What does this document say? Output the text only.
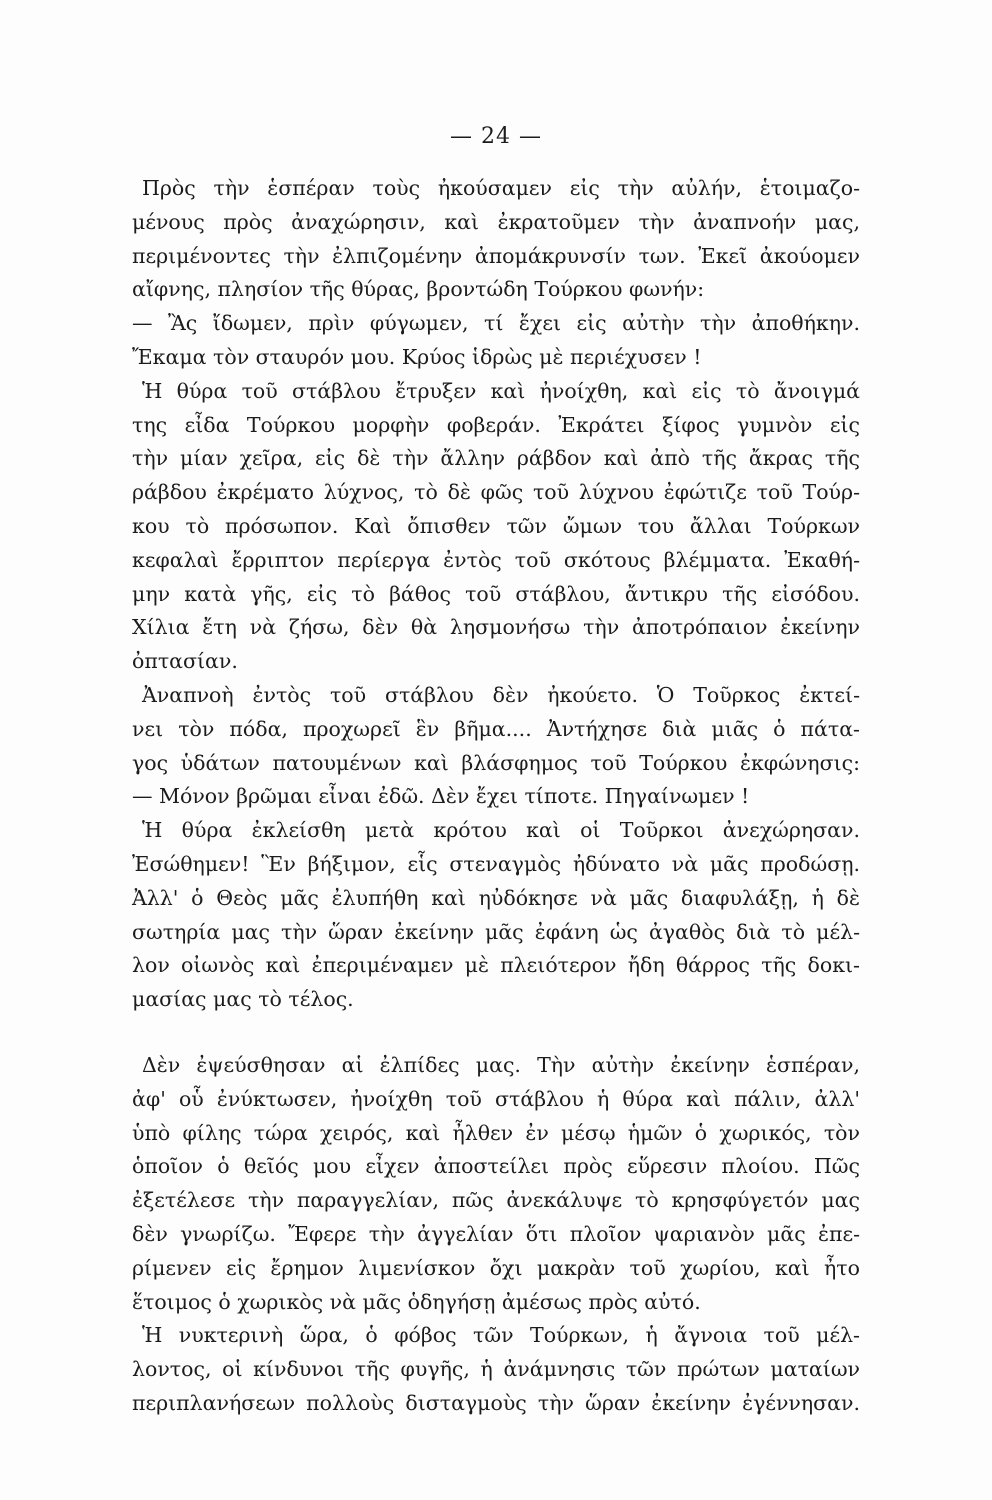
— 24 —
Πρὸς τὴν ἑσπέραν τοὺς ἠκούσαμεν εἰς τὴν αὐλήν, ἑτοιμαζο-
μένους πρὸς ἀναχώρησιν, καὶ ἐκρατοῦμεν τὴν ἀναπνοήν μας,
περιμένοντες τὴν ἐλπιζομένην ἀπομάκρυνσίν των. Ἐκεῖ ἀκούομεν
αἴφνης, πλησίον τῆς θύρας, βροντώδη Τούρκου φωνήν:
— Ἂς ἴδωμεν, πρὶν φύγωμεν, τί ἔχει εἰς αὐτὴν τὴν ἀποθήκην.
Ἔκαμα τὸν σταυρόν μου. Κρύος ἱδρὼς μὲ περιέχυσεν !
Ἡ θύρα τοῦ στάβλου ἔτρυξεν καὶ ἠνοίχθη, καὶ εἰς τὸ ἄνοιγμά
της εἶδα Τούρκου μορφὴν φοβεράν. Ἐκράτει ξίφος γυμνὸν εἰς
τὴν μίαν χεῖρα, εἰς δὲ τὴν ἄλλην ράβδον καὶ ἀπὸ τῆς ἄκρας τῆς
ράβδου ἐκρέματο λύχνος, τὸ δὲ φῶς τοῦ λύχνου ἐφώτιζε τοῦ Τούρ-
κου τὸ πρόσωπον. Καὶ ὄπισθεν τῶν ὤμων του ἄλλαι Τούρκων
κεφαλαὶ ἔρριπτον περίεργα ἐντὸς τοῦ σκότους βλέμματα. Ἐκαθή-
μην κατὰ γῆς, εἰς τὸ βάθος τοῦ στάβλου, ἄντικρυ τῆς εἰσόδου.
Χίλια ἔτη νὰ ζήσω, δὲν θὰ λησμονήσω τὴν ἀποτρόπαιον ἐκείνην
ὀπτασίαν.
Ἀναπνοὴ ἐντὸς τοῦ στάβλου δὲν ἠκούετο. Ὁ Τοῦρκος ἐκτεί-
νει τὸν πόδα, προχωρεῖ ἓν βῆμα.... Ἀντήχησε διὰ μιᾶς ὁ πάτα-
γος ὑδάτων πατουμένων καὶ βλάσφημος τοῦ Τούρκου ἐκφώνησις:
— Μόνον βρῶμαι εἶναι ἐδῶ. Δὲν ἔχει τίποτε. Πηγαίνωμεν !
Ἡ θύρα ἐκλείσθη μετὰ κρότου καὶ οἱ Τοῦρκοι ἀνεχώρησαν.
Ἐσώθημεν! Ἓν βήξιμον, εἷς στεναγμὸς ἠδύνατο νὰ μᾶς προδώσῃ.
Ἀλλ' ὁ Θεὸς μᾶς ἐλυπήθη καὶ ηὐδόκησε νὰ μᾶς διαφυλάξῃ, ἡ δὲ
σωτηρία μας τὴν ὥραν ἐκείνην μᾶς ἐφάνη ὡς ἀγαθὸς διὰ τὸ μέλ-
λον οἰωνὸς καὶ ἐπεριμέναμεν μὲ πλειότερον ἤδη θάρρος τῆς δοκι-
μασίας μας τὸ τέλος.
Δὲν ἐψεύσθησαν αἱ ἐλπίδες μας. Τὴν αὐτὴν ἐκείνην ἑσπέραν,
ἀφ' οὗ ἐνύκτωσεν, ἠνοίχθη τοῦ στάβλου ἡ θύρα καὶ πάλιν, ἀλλ'
ὑπὸ φίλης τώρα χειρός, καὶ ἦλθεν ἐν μέσῳ ἡμῶν ὁ χωρικός, τὸν
ὁποῖον ὁ θεῖός μου εἶχεν ἀποστείλει πρὸς εὕρεσιν πλοίου. Πῶς
ἐξετέλεσε τὴν παραγγελίαν, πῶς ἀνεκάλυψε τὸ κρησφύγετόν μας
δὲν γνωρίζω. Ἔφερε τὴν ἀγγελίαν ὅτι πλοῖον ψαριανὸν μᾶς ἐπε-
ρίμενεν εἰς ἔρημον λιμενίσκον ὄχι μακρὰν τοῦ χωρίου, καὶ ἦτο
ἕτοιμος ὁ χωρικὸς νὰ μᾶς ὁδηγήσῃ ἀμέσως πρὸς αὐτό.
Ἡ νυκτερινὴ ὥρα, ὁ φόβος τῶν Τούρκων, ἡ ἄγνοια τοῦ μέλ-
λοντος, οἱ κίνδυνοι τῆς φυγῆς, ἡ ἀνάμνησις τῶν πρώτων ματαίων
περιπλανήσεων πολλοὺς δισταγμοὺς τὴν ὥραν ἐκείνην ἐγέννησαν.
